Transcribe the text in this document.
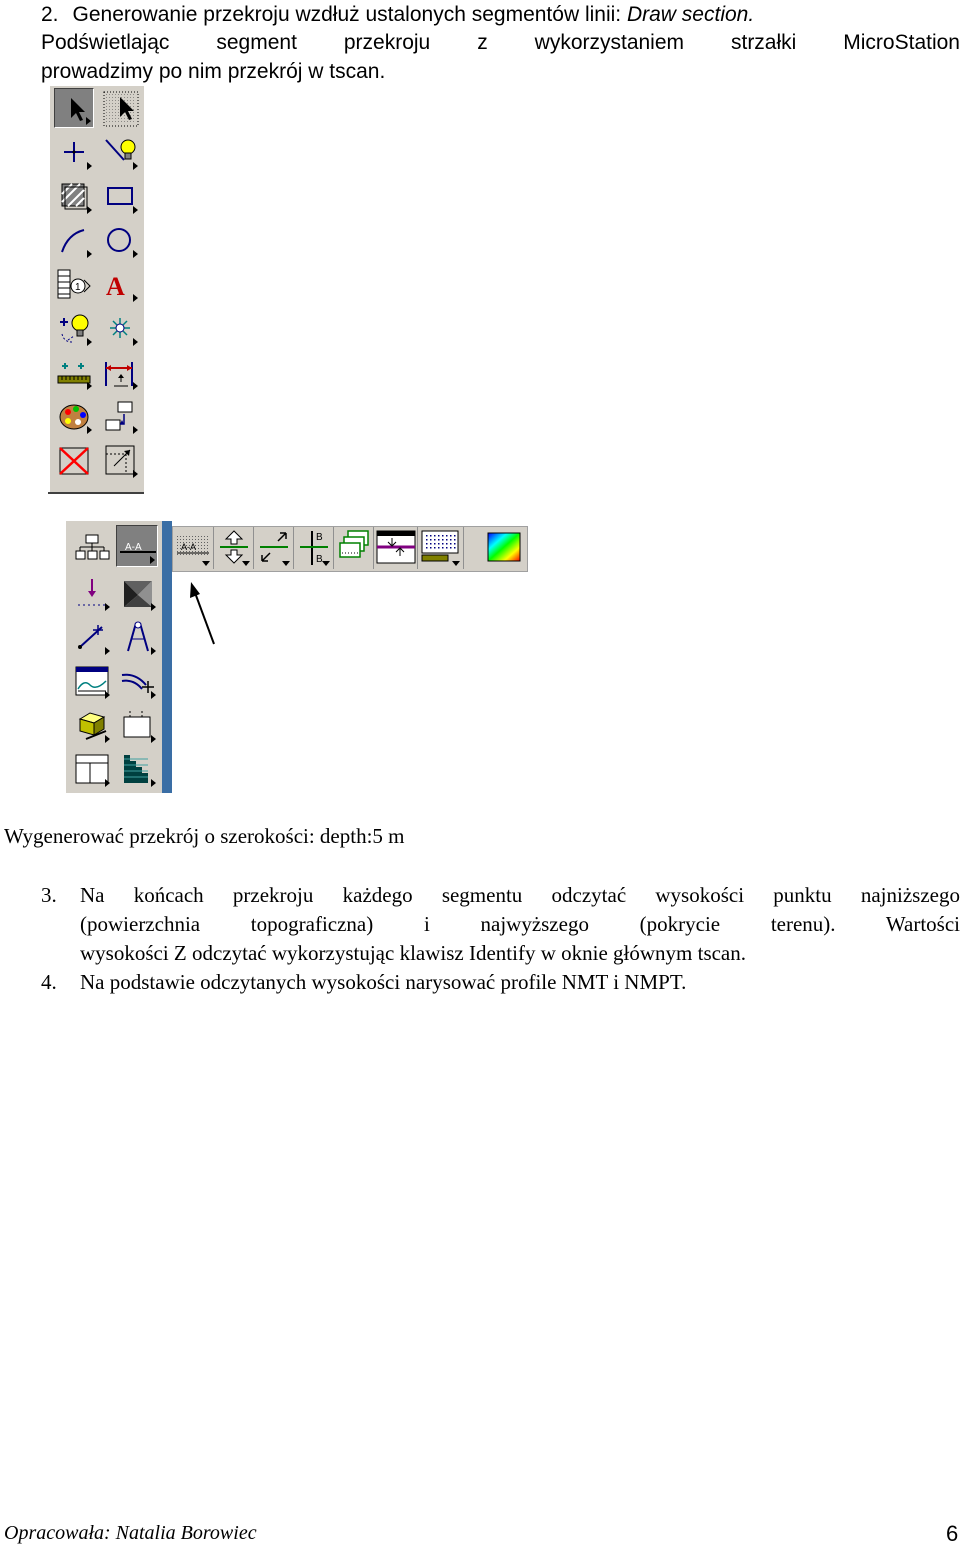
2. Generowanie przekroju wzdłuż ustalonych segmentów linii: Draw section.
Podświetlając segment przekroju z wykorzystaniem strzałki MicroStation
prowadzimy po nim przekrój w tscan.
1 A
A-A	A-A
B
B
Wygenerować przekrój o szerokości: depth:5 m
3. Na końcach przekroju każdego segmentu odczytać wysokości punktu najniższego
(powierzchnia topograficzna) i najwyższego (pokrycie terenu). Wartości
wysokości Z odczytać wykorzystując klawisz Identify w oknie głównym tscan.
4. Na podstawie odczytanych wysokości narysować profile NMT i NMPT.
Opracowała: Natalia Borowiec	6
